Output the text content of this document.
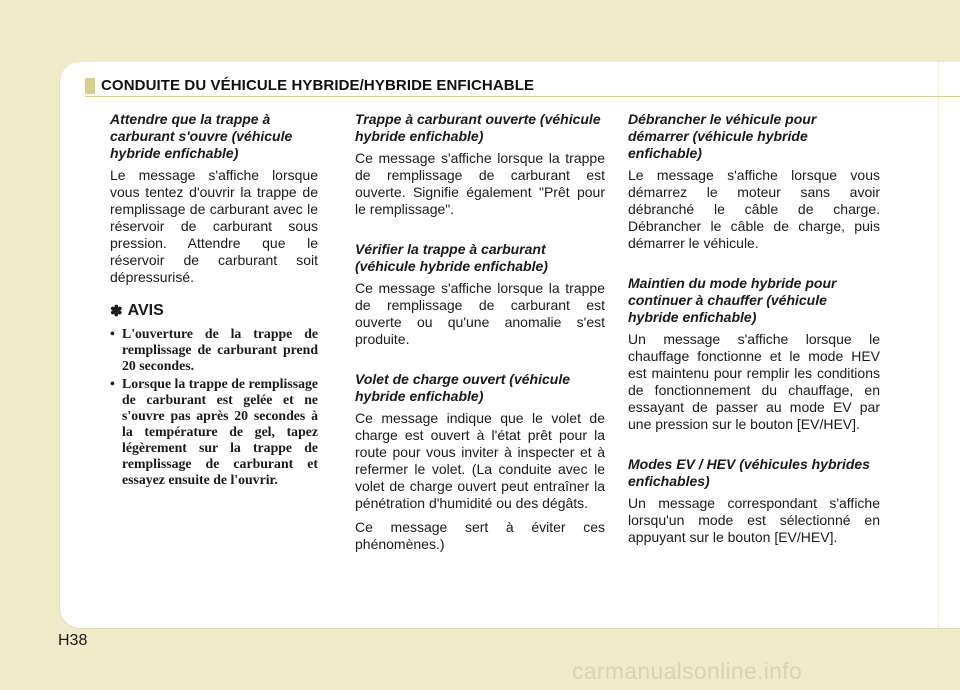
CONDUITE DU VÉHICULE HYBRIDE/HYBRIDE ENFICHABLE
Attendre que la trappe à carburant s'ouvre (véhicule hybride enfichable)

Le message s'affiche lorsque vous tentez d'ouvrir la trappe de remplissage de carburant avec le réservoir de carburant sous pression. Attendre que le réservoir de carburant soit dépressurisé.

✽ AVIS
• L'ouverture de la trappe de remplissage de carburant prend 20 secondes.
• Lorsque la trappe de remplissage de carburant est gelée et ne s'ouvre pas après 20 secondes à la température de gel, tapez légèrement sur la trappe de remplissage de carburant et essayez ensuite de l'ouvrir.
Trappe à carburant ouverte (véhicule hybride enfichable)

Ce message s'affiche lorsque la trappe de remplissage de carburant est ouverte. Signifie également "Prêt pour le remplissage".

Vérifier la trappe à carburant (véhicule hybride enfichable)

Ce message s'affiche lorsque la trappe de remplissage de carburant est ouverte ou qu'une anomalie s'est produite.

Volet de charge ouvert (véhicule hybride enfichable)

Ce message indique que le volet de charge est ouvert à l'état prêt pour la route pour vous inviter à inspecter et à refermer le volet. (La conduite avec le volet de charge ouvert peut entraîner la pénétration d'humidité ou des dégâts.

Ce message sert à éviter ces phénomènes.)

Débrancher le véhicule pour démarrer (véhicule hybride enfichable)

Le message s'affiche lorsque vous démarrez le moteur sans avoir débranché le câble de charge. Débrancher le câble de charge, puis démarrer le véhicule.

Maintien du mode hybride pour continuer à chauffer (véhicule hybride enfichable)

Un message s'affiche lorsque le chauffage fonctionne et le mode HEV est maintenu pour remplir les conditions de fonctionnement du chauffage, en essayant de passer au mode EV par une pression sur le bouton [EV/HEV].

Modes EV / HEV (véhicules hybrides enfichables)

Un message correspondant s'affiche lorsqu'un mode est sélectionné en appuyant sur le bouton [EV/HEV].

H38
carmanualsonline.info
